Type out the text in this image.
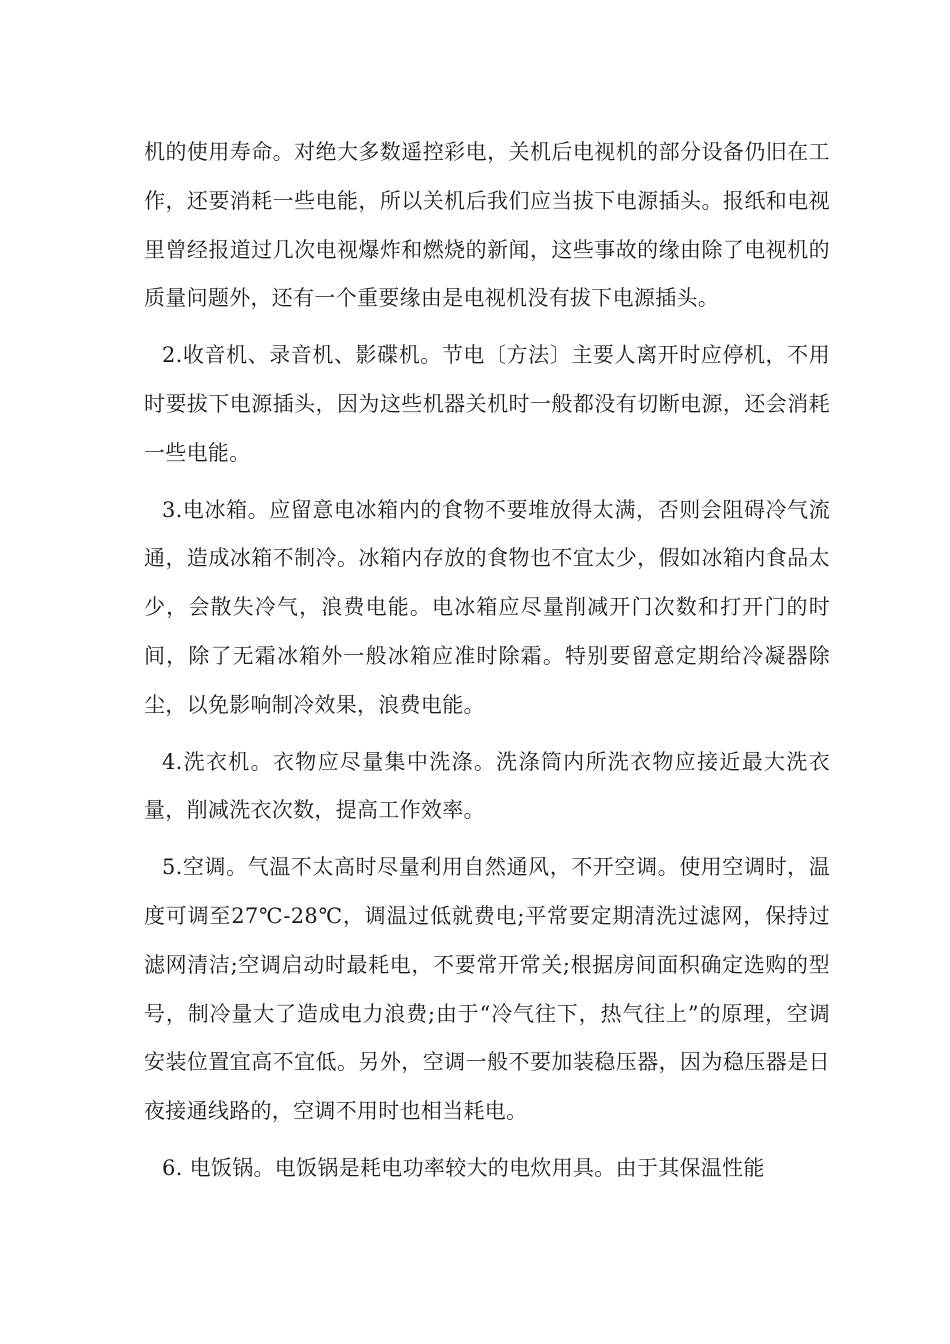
机的使用寿命。对绝大多数遥控彩电，关机后电视机的部分设备仍旧在工作，还要消耗一些电能，所以关机后我们应当拔下电源插头。报纸和电视里曾经报道过几次电视爆炸和燃烧的新闻，这些事故的缘由除了电视机的质量问题外，还有一个重要缘由是电视机没有拔下电源插头。

2.收音机、录音机、影碟机。节电〔方法〕主要人离开时应停机，不用时要拔下电源插头，因为这些机器关机时一般都没有切断电源，还会消耗一些电能。

3.电冰箱。应留意电冰箱内的食物不要堆放得太满，否则会阻碍冷气流通，造成冰箱不制冷。冰箱内存放的食物也不宜太少，假如冰箱内食品太少，会散失冷气，浪费电能。电冰箱应尽量削减开门次数和打开门的时间，除了无霜冰箱外一般冰箱应准时除霜。特别要留意定期给冷凝器除尘，以免影响制冷效果，浪费电能。

4.洗衣机。衣物应尽量集中洗涤。洗涤筒内所洗衣物应接近最大洗衣量，削减洗衣次数，提高工作效率。

5.空调。气温不太高时尽量利用自然通风，不开空调。使用空调时，温度可调至27℃-28℃，调温过低就费电;平常要定期清洗过滤网，保持过滤网清洁;空调启动时最耗电，不要常开常关;根据房间面积确定选购的型号，制冷量大了造成电力浪费;由于“冷气往下，热气往上”的原理，空调安装位置宜高不宜低。另外，空调一般不要加装稳压器，因为稳压器是日夜接通线路的，空调不用时也相当耗电。

6. 电饭锅。电饭锅是耗电功率较大的电炊用具。由于其保温性能
